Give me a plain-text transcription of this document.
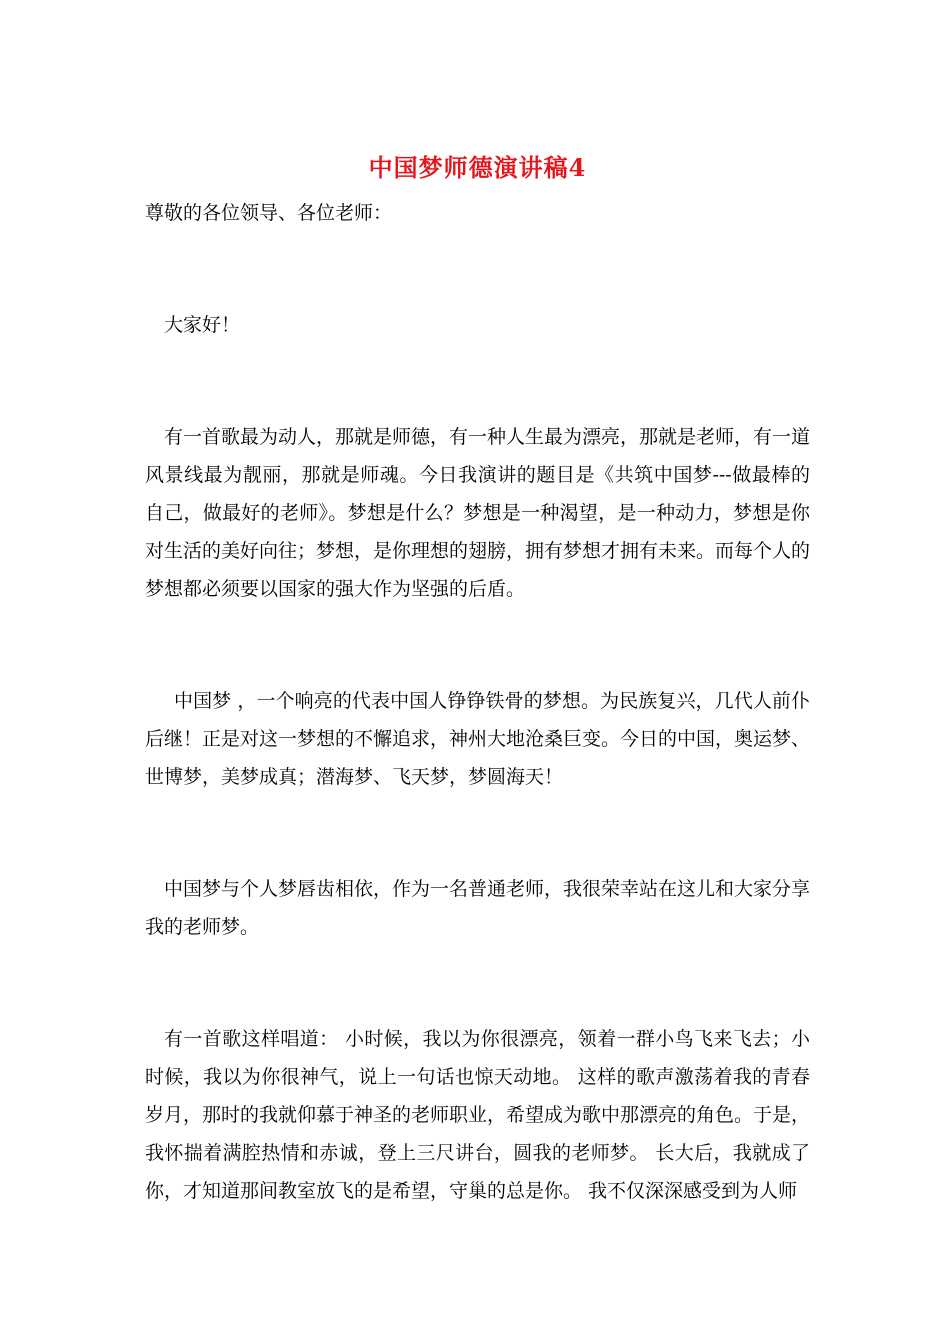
中国梦师德演讲稿4

尊敬的各位领导、各位老师：

大家好！

有一首歌最为动人，那就是师德，有一种人生最为漂亮，那就是老师，有一道风景线最为靓丽，那就是师魂。今日我演讲的题目是《共筑中国梦---做最棒的自己，做最好的老师》。梦想是什么？梦想是一种渴望，是一种动力，梦想是你对生活的美好向往；梦想，是你理想的翅膀，拥有梦想才拥有未来。而每个人的梦想都必须要以国家的强大作为坚强的后盾。

中国梦 ，一个响亮的代表中国人铮铮铁骨的梦想。为民族复兴，几代人前仆后继！正是对这一梦想的不懈追求，神州大地沧桑巨变。今日的中国，奥运梦、世博梦，美梦成真；潜海梦、飞天梦，梦圆海天！

中国梦与个人梦唇齿相依，作为一名普通老师，我很荣幸站在这儿和大家分享我的老师梦。

有一首歌这样唱道： 小时候，我以为你很漂亮，领着一群小鸟飞来飞去；小时候，我以为你很神气，说上一句话也惊天动地。 这样的歌声激荡着我的青春岁月，那时的我就仰慕于神圣的老师职业，希望成为歌中那漂亮的角色。于是，我怀揣着满腔热情和赤诚，登上三尺讲台，圆我的老师梦。 长大后，我就成了你，才知道那间教室放飞的是希望，守巢的总是你。 我不仅深深感受到为人师
